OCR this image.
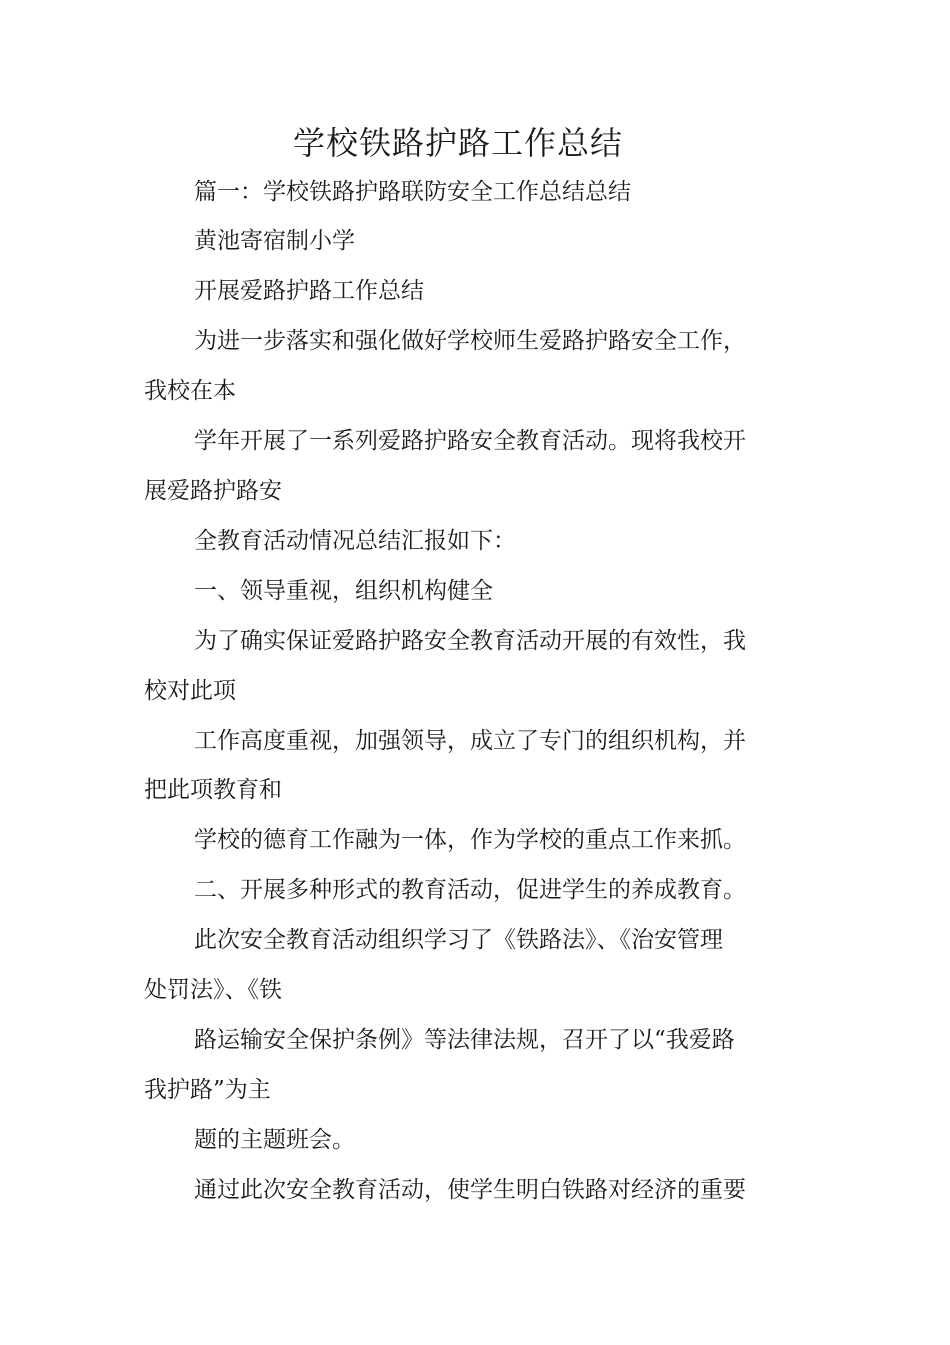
学校铁路护路工作总结
篇一：学校铁路护路联防安全工作总结总结
黄池寄宿制小学
开展爱路护路工作总结
为进一步落实和强化做好学校师生爱路护路安全工作，
我校在本
学年开展了一系列爱路护路安全教育活动。现将我校开
展爱路护路安
全教育活动情况总结汇报如下：
一、领导重视，组织机构健全
为了确实保证爱路护路安全教育活动开展的有效性，我
校对此项
工作高度重视，加强领导，成立了专门的组织机构，并
把此项教育和
学校的德育工作融为一体，作为学校的重点工作来抓。
二、开展多种形式的教育活动，促进学生的养成教育。
此次安全教育活动组织学习了《铁路法》、《治安管理
处罚法》、《铁
路运输安全保护条例》等法律法规，召开了以“我爱路
我护路”为主
题的主题班会。
通过此次安全教育活动，使学生明白铁路对经济的重要
